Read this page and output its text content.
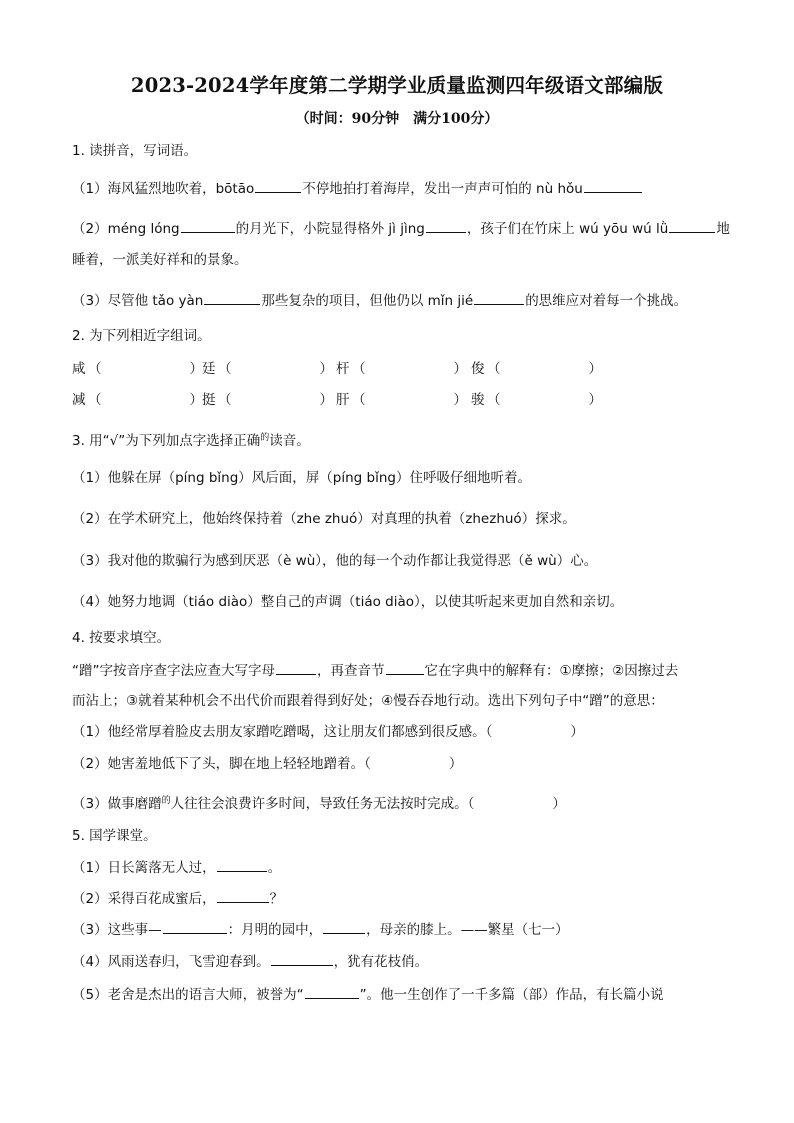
2023-2024学年度第二学期学业质量监测四年级语文部编版
（时间：90分钟　满分100分）
1. 读拼音，写词语。
（1）海风猛烈地吹着，bōtāo	不停地拍打着海岸，发出一声声可怕的 nù hǒu
（2）méng lóng	的月光下，小院显得格外 jì jìng	，孩子们在竹床上 wú yōu wú lǜ	地
睡着，一派美好祥和的景象。
（3）尽管他 tǎo yàn	那些复杂的项目，但他仍以 mǐn jié	的思维应对着每一个挑战。
2. 为下列相近字组词。
咸 （	） 廷 （	） 杆 （	） 俊 （	）
减 （	） 挺 （	） 肝 （	） 骏 （	）
3. 用“√”为下列加点字选择正确$^的$读音。
（1）他躲在屏（píng bǐng）风后面，屏（píng bǐng）住呼吸仔细地听着。
（2）在学术研究上，他始终保持着（zhe zhuó）对真理的执着（zhezhuó）探求。
（3）我对他的欺骗行为感到厌恶（è wù），他的每一个动作都让我觉得恶（ě wù）心。
（4）她努力地调（tiáo diào）整自己的声调（tiáo diào），以使其听起来更加自然和亲切。
4. 按要求填空。
“蹭”字按音序查字法应查大写字母	，再查音节	它在字典中的解释有：①摩擦；②因擦过去
而沾上；③就着某种机会不出代价而跟着得到好处；④慢吞吞地行动。选出下列句子中“蹭”的意思：
（1）他经常厚着脸皮去朋友家蹭吃蹭喝，这让朋友们都感到很反感。（	）
（2）她害羞地低下了头，脚在地上轻轻地蹭着。（	）
（3）做事磨蹭$^的$人往往会浪费许多时间，导致任务无法按时完成。（	）
5. 国学课堂。
（1）日长篱落无人过，	。
（2）采得百花成蜜后，	？
（3）这些事—	：月明的园中，	，母亲的膝上。——繁星（七一）
（4）风雨送春归，飞雪迎春到。	，犹有花枝俏。
（5）老舍是杰出的语言大师，被誉为“	”。他一生创作了一千多篇（部）作品，有长篇小说
